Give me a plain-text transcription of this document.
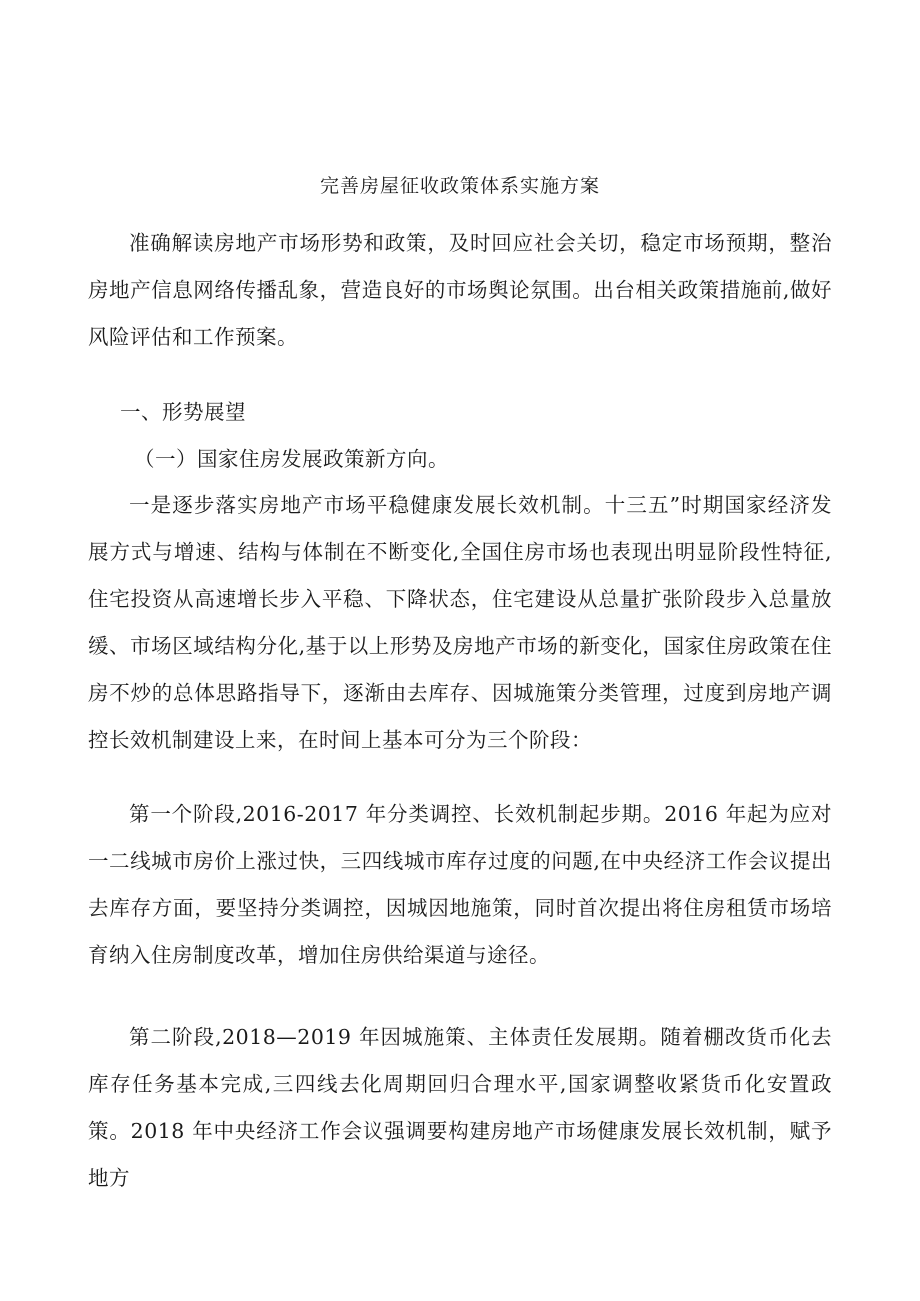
完善房屋征收政策体系实施方案

准确解读房地产市场形势和政策，及时回应社会关切，稳定市场预期，整治房地产信息网络传播乱象，营造良好的市场舆论氛围。出台相关政策措施前,做好风险评估和工作预案。

一、形势展望
（一）国家住房发展政策新方向。

一是逐步落实房地产市场平稳健康发展长效机制。十三五”时期国家经济发展方式与增速、结构与体制在不断变化,全国住房市场也表现出明显阶段性特征,住宅投资从高速增长步入平稳、下降状态，住宅建设从总量扩张阶段步入总量放缓、市场区域结构分化,基于以上形势及房地产市场的新变化，国家住房政策在住房不炒的总体思路指导下，逐渐由去库存、因城施策分类管理，过度到房地产调控长效机制建设上来，在时间上基本可分为三个阶段：

第一个阶段,2016-2017 年分类调控、长效机制起步期。2016 年起为应对一二线城市房价上涨过快，三四线城市库存过度的问题,在中央经济工作会议提出去库存方面，要坚持分类调控，因城因地施策，同时首次提出将住房租赁市场培育纳入住房制度改革，增加住房供给渠道与途径。

第二阶段,2018—2019 年因城施策、主体责任发展期。随着棚改货币化去库存任务基本完成,三四线去化周期回归合理水平,国家调整收紧货币化安置政策。2018 年中央经济工作会议强调要构建房地产市场健康发展长效机制，赋予地方
